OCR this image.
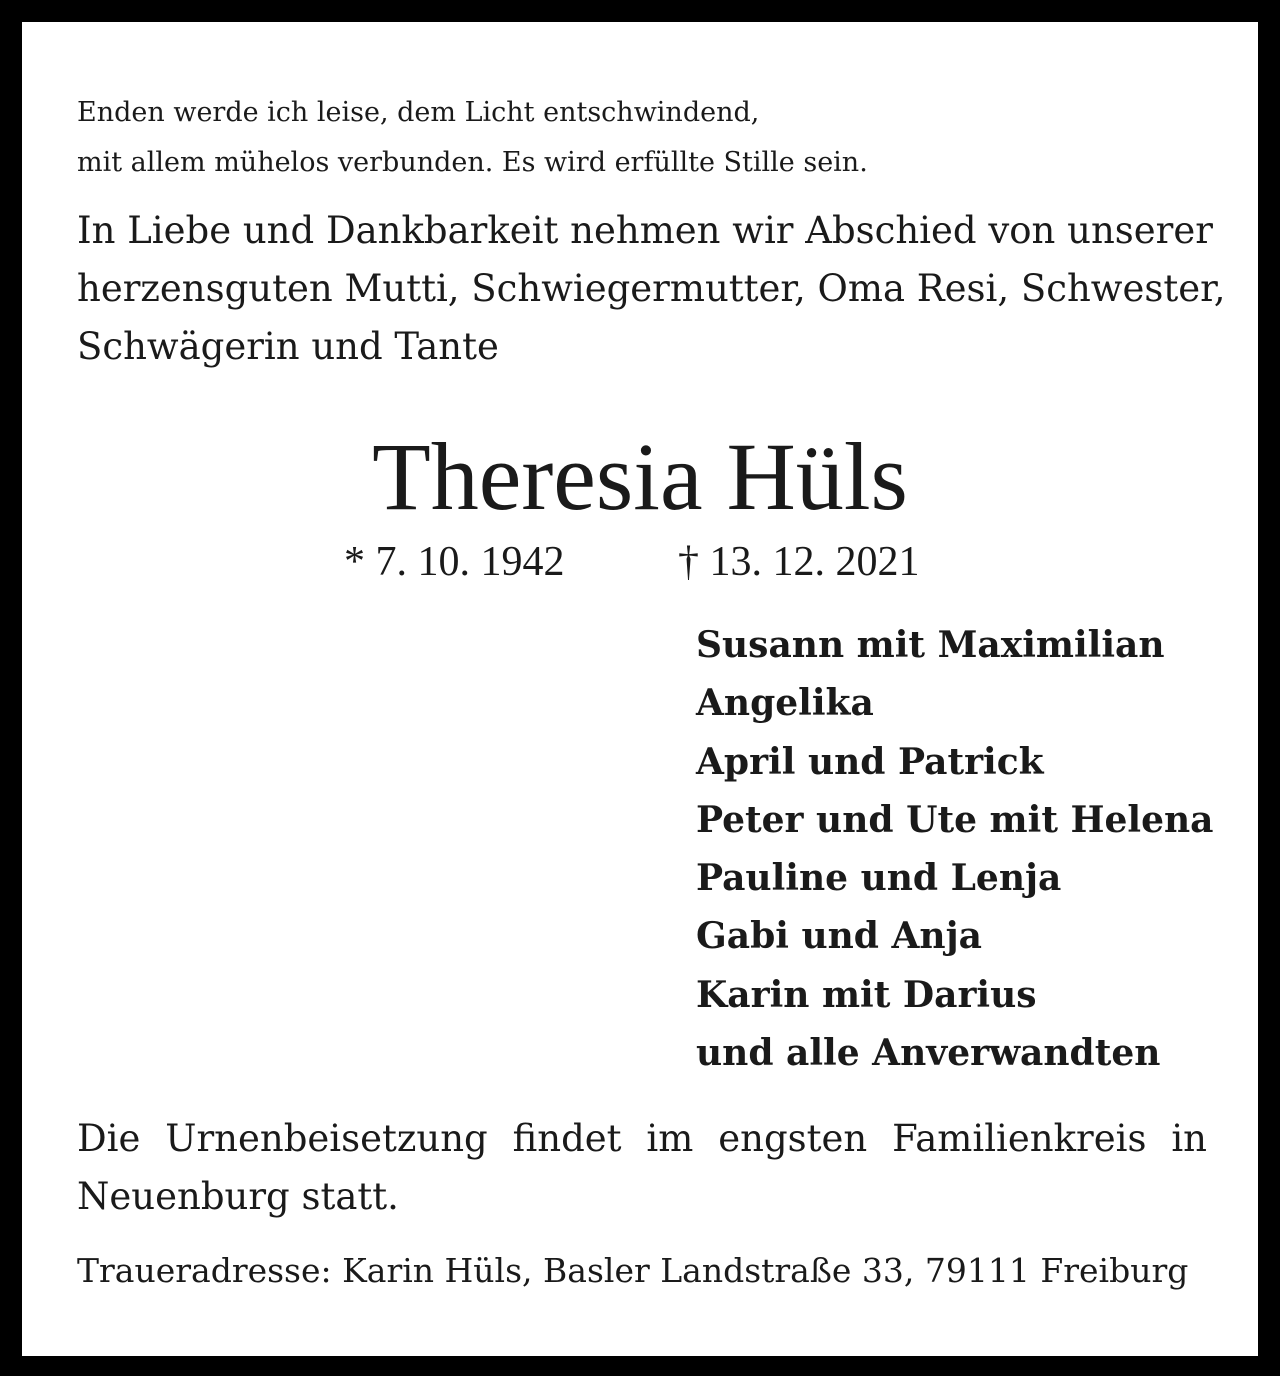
Enden werde ich leise, dem Licht entschwindend,
mit allem mühelos verbunden. Es wird erfüllte Stille sein.
In Liebe und Dankbarkeit nehmen wir Abschied von unserer
herzensguten Mutti, Schwiegermutter, Oma Resi, Schwester,
Schwägerin und Tante
Theresia Hüls
* 7. 10. 1942	† 13. 12. 2021
Susann mit Maximilian
Angelika
April und Patrick
Peter und Ute mit Helena
Pauline und Lenja
Gabi und Anja
Karin mit Darius
und alle Anverwandten
Die Urnenbeisetzung findet im engsten Familienkreis in Neuenburg statt.
Traueradresse: Karin Hüls, Basler Landstraße 33, 79111 Freiburg
